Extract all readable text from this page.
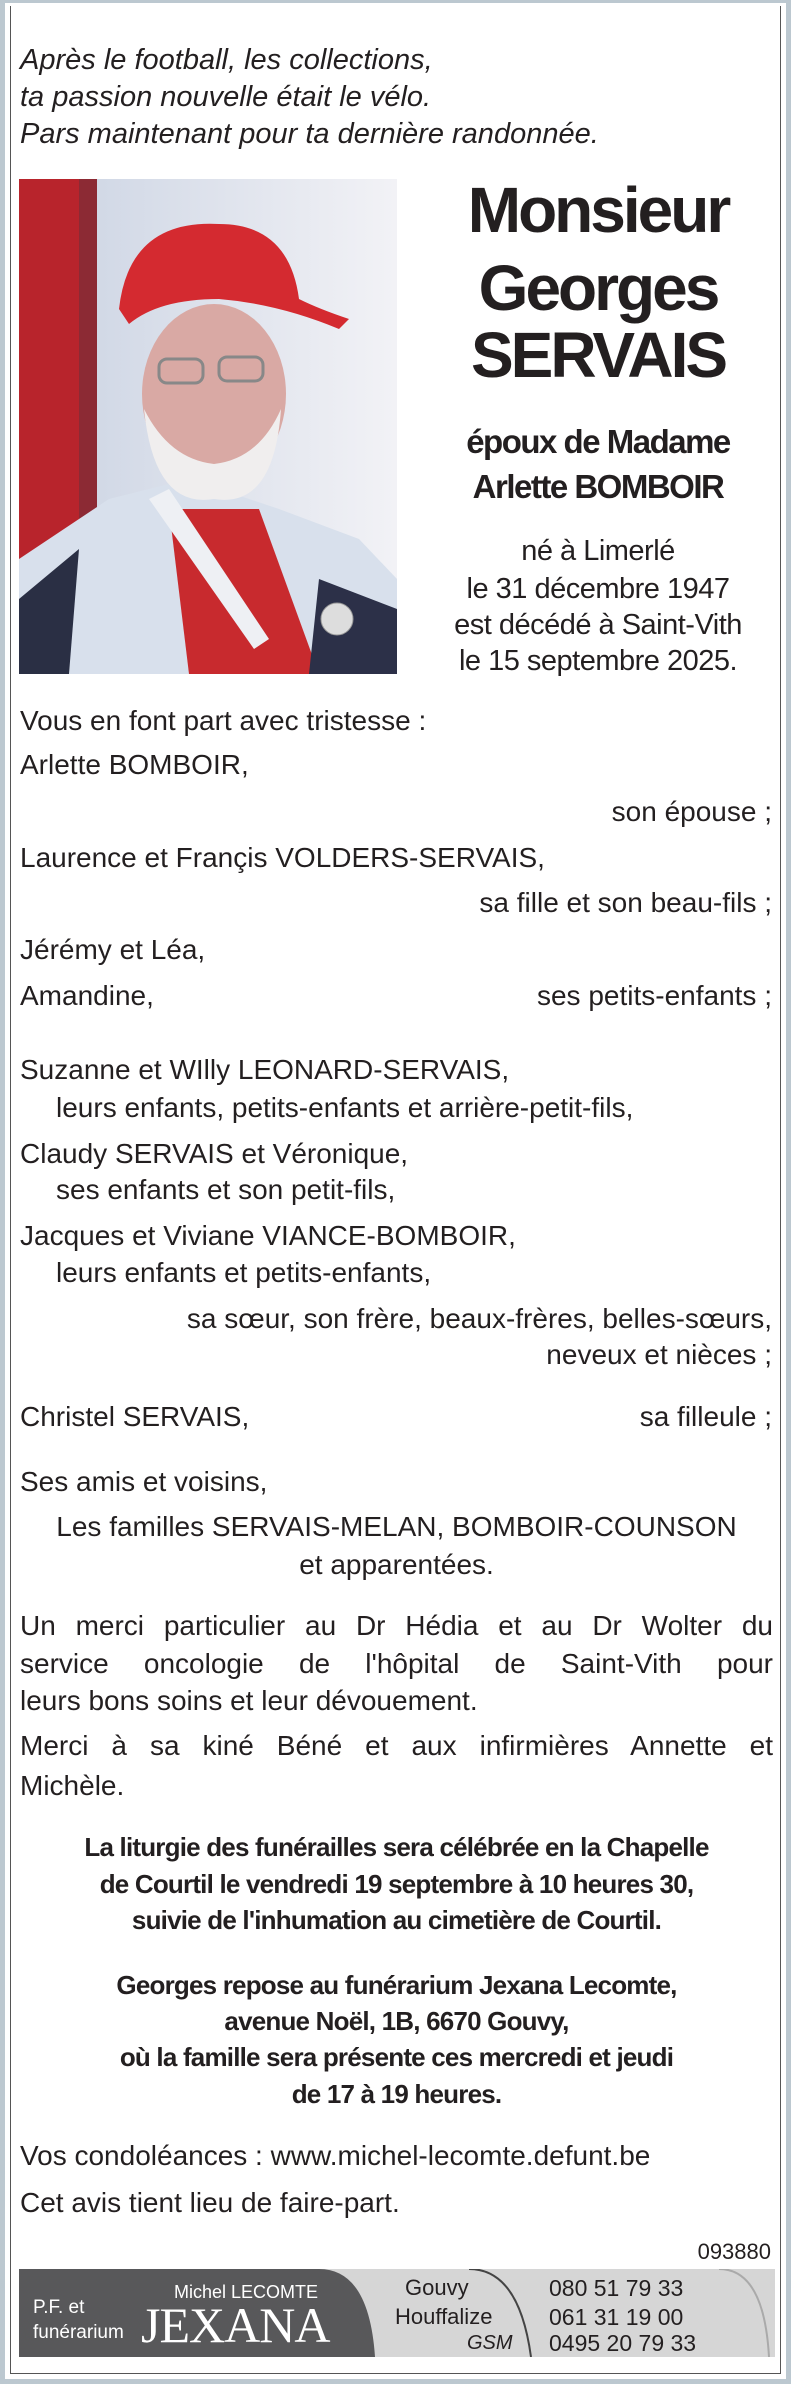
Après le football, les collections,
ta passion nouvelle était le vélo.
Pars maintenant pour ta dernière randonnée.
Monsieur
Georges
SERVAIS
époux de Madame
Arlette BOMBOIR
né à Limerlé
le 31 décembre 1947
est décédé à Saint-Vith
le 15 septembre 2025.
Vous en font part avec tristesse :
Arlette BOMBOIR,
son épouse ;
Laurence et Françis VOLDERS-SERVAIS,
sa fille et son beau-fils ;
Jérémy et Léa,
Amandine,	ses petits-enfants ;
Suzanne et WIlly LEONARD-SERVAIS,
leurs enfants, petits-enfants et arrière-petit-fils,
Claudy SERVAIS et Véronique,
ses enfants et son petit-fils,
Jacques et Viviane VIANCE-BOMBOIR,
leurs enfants et petits-enfants,
sa sœur, son frère, beaux-frères, belles-sœurs,
neveux et nièces ;
Christel SERVAIS,	sa filleule ;
Ses amis et voisins,
Les familles SERVAIS-MELAN, BOMBOIR-COUNSON
et apparentées.
Un merci particulier au Dr Hédia et au Dr Wolter du
service oncologie de l'hôpital de Saint-Vith pour
leurs bons soins et leur dévouement.
Merci à sa kiné Béné et aux infirmières Annette et
Michèle.
La liturgie des funérailles sera célébrée en la Chapelle
de Courtil le vendredi 19 septembre à 10 heures 30,
suivie de l'inhumation au cimetière de Courtil.
Georges repose au funérarium Jexana Lecomte,
avenue Noël, 1B, 6670 Gouvy,
où la famille sera présente ces mercredi et jeudi
de 17 à 19 heures.
Vos condoléances : www.michel-lecomte.defunt.be
Cet avis tient lieu de faire-part.
093880
P.F. et
funérarium
Michel LECOMTE
JEXANA
Gouvy
Houffalize
GSM
080 51 79 33
061 31 19 00
0495 20 79 33
